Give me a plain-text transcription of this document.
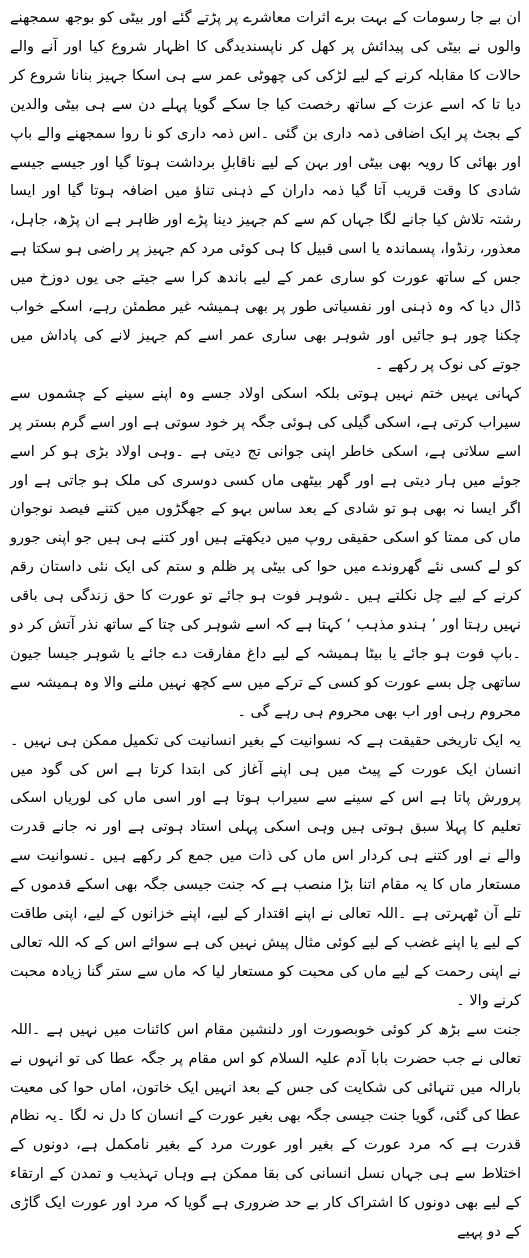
ان بے جا رسومات کے بہت برے اثرات معاشرے پر پڑتے گئے اور بیٹی کو بوجھ سمجھنے والوں نے بیٹی کی پیدائش پر کھل کر ناپسندیدگی کا اظہار شروع کیا اور آنے والے حالات کا مقابلہ کرنے کے لیے لڑکی کی چھوٹی عمر سے ہی اسکا جہیز بنانا شروع کر دیا تا کہ اسے عزت کے ساتھ رخصت کیا جا سکے گویا پہلے دن سے ہی بیٹی والدین کے بجٹ پر ایک اضافی ذمہ داری بن گئی ۔اس ذمہ داری کو نا روا سمجھنے والے باپ اور بھائی کا رویہ بھی بیٹی اور بہن کے لیے ناقابلِ برداشت ہوتا گیا اور جیسے جیسے شادی کا وقت قریب آتا گیا ذمہ داران کے ذہنی تناؤ میں اضافہ ہوتا گیا اور ایسا رشتہ تلاش کیا جانے لگا جہاں کم سے کم جہیز دینا پڑے اور ظاہر ہے ان پڑھ، جاہل، معذور، رنڈوا، پسماندہ یا اسی قبیل کا ہی کوئی مرد کم جہیز پر راضی ہو سکتا ہے جس کے ساتھ عورت کو ساری عمر کے لیے باندھ کرا سے جیتے جی یوں دوزخ میں ڈال دیا کہ وہ ذہنی اور نفسیاتی طور پر بھی ہمیشہ غیر مطمئن رہے، اسکے خواب چکنا چور ہو جائیں اور شوہر بھی ساری عمر اسے کم جہیز لانے کی پاداش میں جوتے کی نوک پر رکھے ۔

کہانی یہیں ختم نہیں ہوتی بلکہ اسکی اولاد جسے وہ اپنے سینے کے چشموں سے سیراب کرتی ہے، اسکی گیلی کی ہوئی جگہ پر خود سوتی ہے اور اسے گرم بستر پر اسے سلاتی ہے، اسکی خاطر اپنی جوانی تج دیتی ہے ۔وہی اولاد بڑی ہو کر اسے جوئے میں ہار دیتی ہے اور گھر بیٹھی ماں کسی دوسری کی ملک ہو جاتی ہے اور اگر ایسا نہ بھی ہو تو شادی کے بعد ساس بہو کے جھگڑوں میں کتنے فیصد نوجوان ماں کی ممتا کو اسکی حقیقی روپ میں دیکھتے ہیں اور کتنے ہی ہیں جو اپنی جورو کو لے کسی نئے گھروندے میں حوا کی بیٹی پر ظلم و ستم کی ایک نئی داستان رقم کرنے کے لیے چل نکلتے ہیں ۔شوہر فوت ہو جائے تو عورت کا حق زندگی ہی باقی نہیں رہتا اور ’ ہندو مذہب ‘ کہتا ہے کہ اسے شوہر کی چتا کے ساتھ نذر آتش کر دو ۔باپ فوت ہو جائے یا بیٹا ہمیشہ کے لیے داغ مفارقت دے جائے یا شوہر جیسا جیون ساتھی چل بسے عورت کو کسی کے ترکے میں سے کچھ نہیں ملنے والا وہ ہمیشہ سے محروم رہی اور اب بھی محروم ہی رہے گی ۔

یہ ایک تاریخی حقیقت ہے کہ نسوانیت کے بغیر انسانیت کی تکمیل ممکن ہی نہیں ۔انسان ایک عورت کے پیٹ میں ہی اپنے آغاز کی ابتدا کرتا ہے اس کی گود میں پرورش پاتا ہے اس کے سینے سے سیراب ہوتا ہے اور اسی ماں کی لوریاں اسکی تعلیم کا پہلا سبق ہوتی ہیں وہی اسکی پہلی استاد ہوتی ہے اور نہ جانے قدرت والے نے اور کتنے ہی کردار اس ماں کی ذات میں جمع کر رکھے ہیں ۔نسوانیت سے مستعار ماں کا یہ مقام اتنا بڑا منصب ہے کہ جنت جیسی جگہ بھی اسکے قدموں کے تلے آن ٹھہرتی ہے ۔اللہ تعالی نے اپنے اقتدار کے لیے، اپنے خزانوں کے لیے، اپنی طاقت کے لیے یا اپنے غضب کے لیے کوئی مثال پیش نہیں کی ہے سوائے اس کے کہ اللہ تعالی نے اپنی رحمت کے لیے ماں کی محبت کو مستعار لیا کہ ماں سے ستر گنا زیادہ محبت کرنے والا ۔

جنت سے بڑھ کر کوئی خوبصورت اور دلنشین مقام اس کائنات میں نہیں ہے ۔اللہ تعالی نے جب حضرت بابا آدم علیہ السلام کو اس مقام پر جگہ عطا کی تو انہوں نے بارالہ میں تنہائی کی شکایت کی جس کے بعد انہیں ایک خاتون، اماں حوا کی معیت عطا کی گئی، گویا جنت جیسی جگہ بھی بغیر عورت کے انسان کا دل نہ لگا ۔یہ نظام قدرت ہے کہ مرد عورت کے بغیر اور عورت مرد کے بغیر نامکمل ہے، دونوں کے اختلاط سے ہی جہاں نسل انسانی کی بقا ممکن ہے وہاں تہذیب و تمدن کے ارتقاء کے لیے بھی دونوں کا اشتراک کار بے حد ضروری ہے گویا کہ مرد اور عورت ایک گاڑی کے دو پہیے
